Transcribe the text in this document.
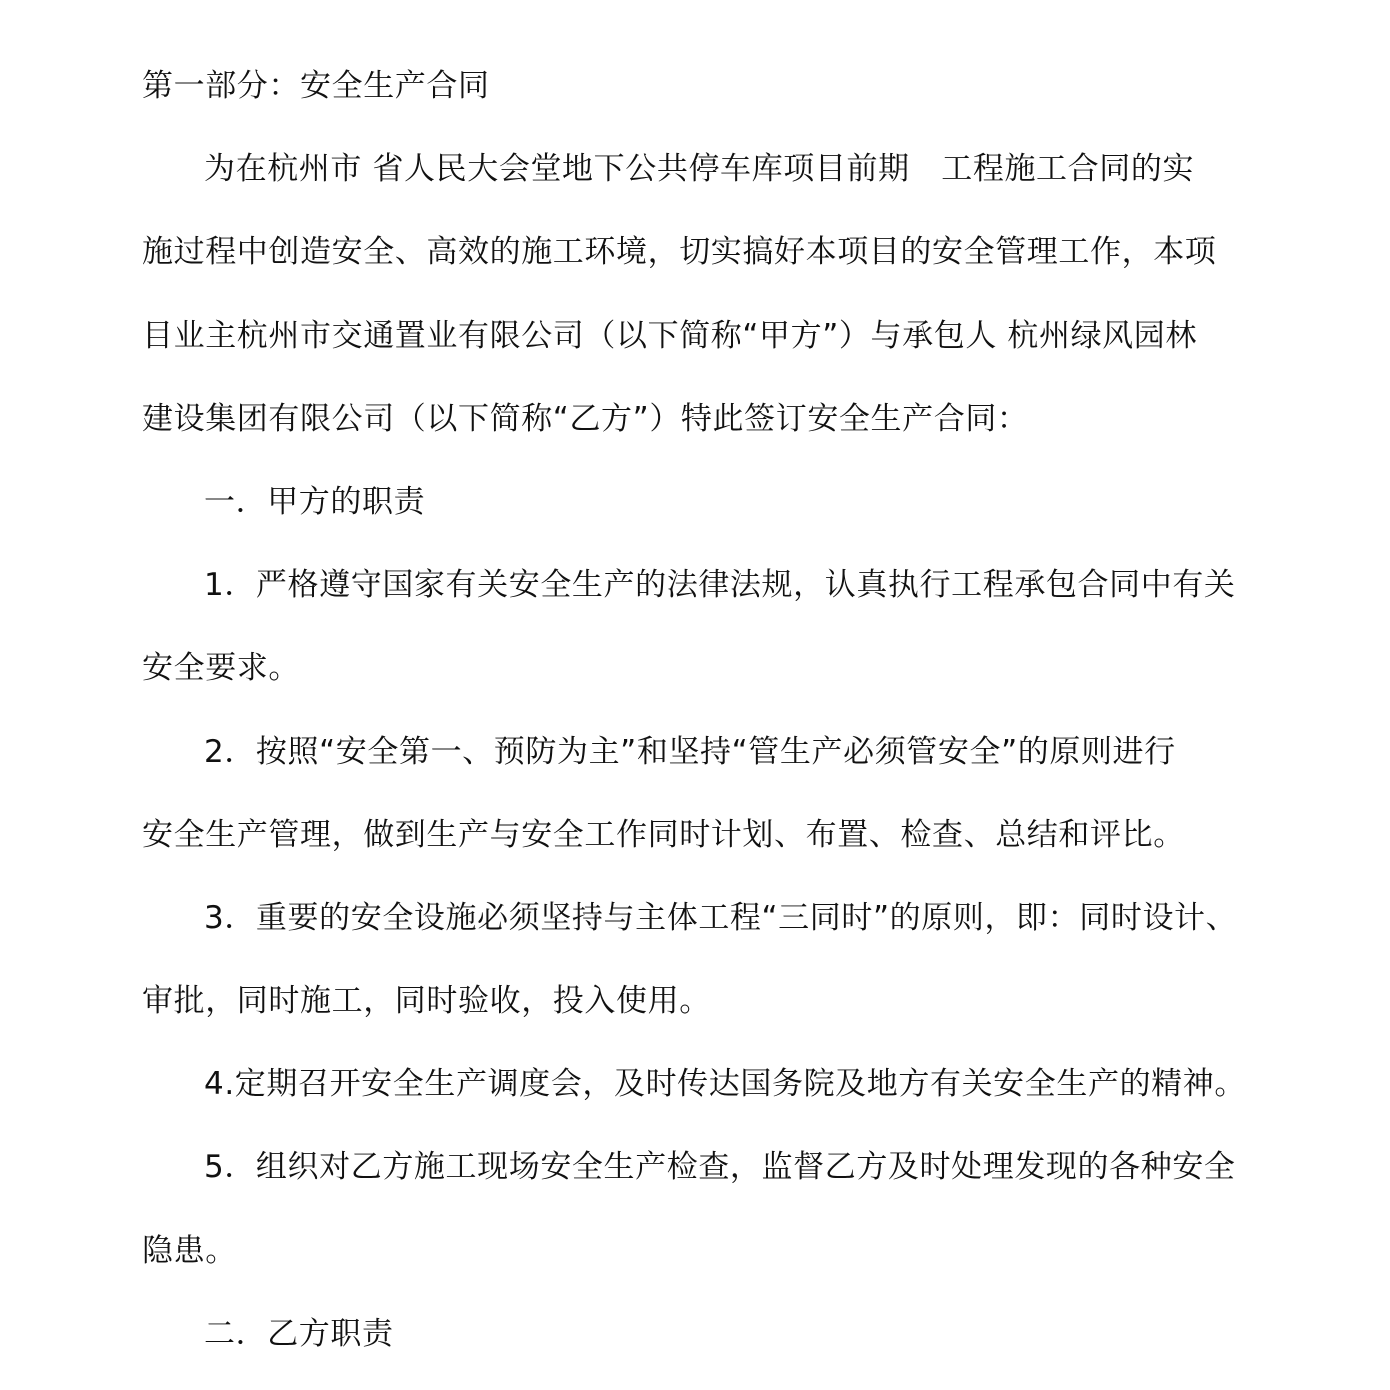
第一部分：安全生产合同
为在杭州市 省人民大会堂地下公共停车库项目前期　工程施工合同的实
施过程中创造安全、高效的施工环境，切实搞好本项目的安全管理工作，本项
目业主杭州市交通置业有限公司（以下简称“甲方”）与承包人 杭州绿风园林
建设集团有限公司（以下简称“乙方”）特此签订安全生产合同：
一．甲方的职责
1．严格遵守国家有关安全生产的法律法规，认真执行工程承包合同中有关
安全要求。
2．按照“安全第一、预防为主”和坚持“管生产必须管安全”的原则进行
安全生产管理，做到生产与安全工作同时计划、布置、检查、总结和评比。
3．重要的安全设施必须坚持与主体工程“三同时”的原则，即：同时设计、
审批，同时施工，同时验收，投入使用。
4.定期召开安全生产调度会，及时传达国务院及地方有关安全生产的精神。
5．组织对乙方施工现场安全生产检查，监督乙方及时处理发现的各种安全
隐患。
二．乙方职责
